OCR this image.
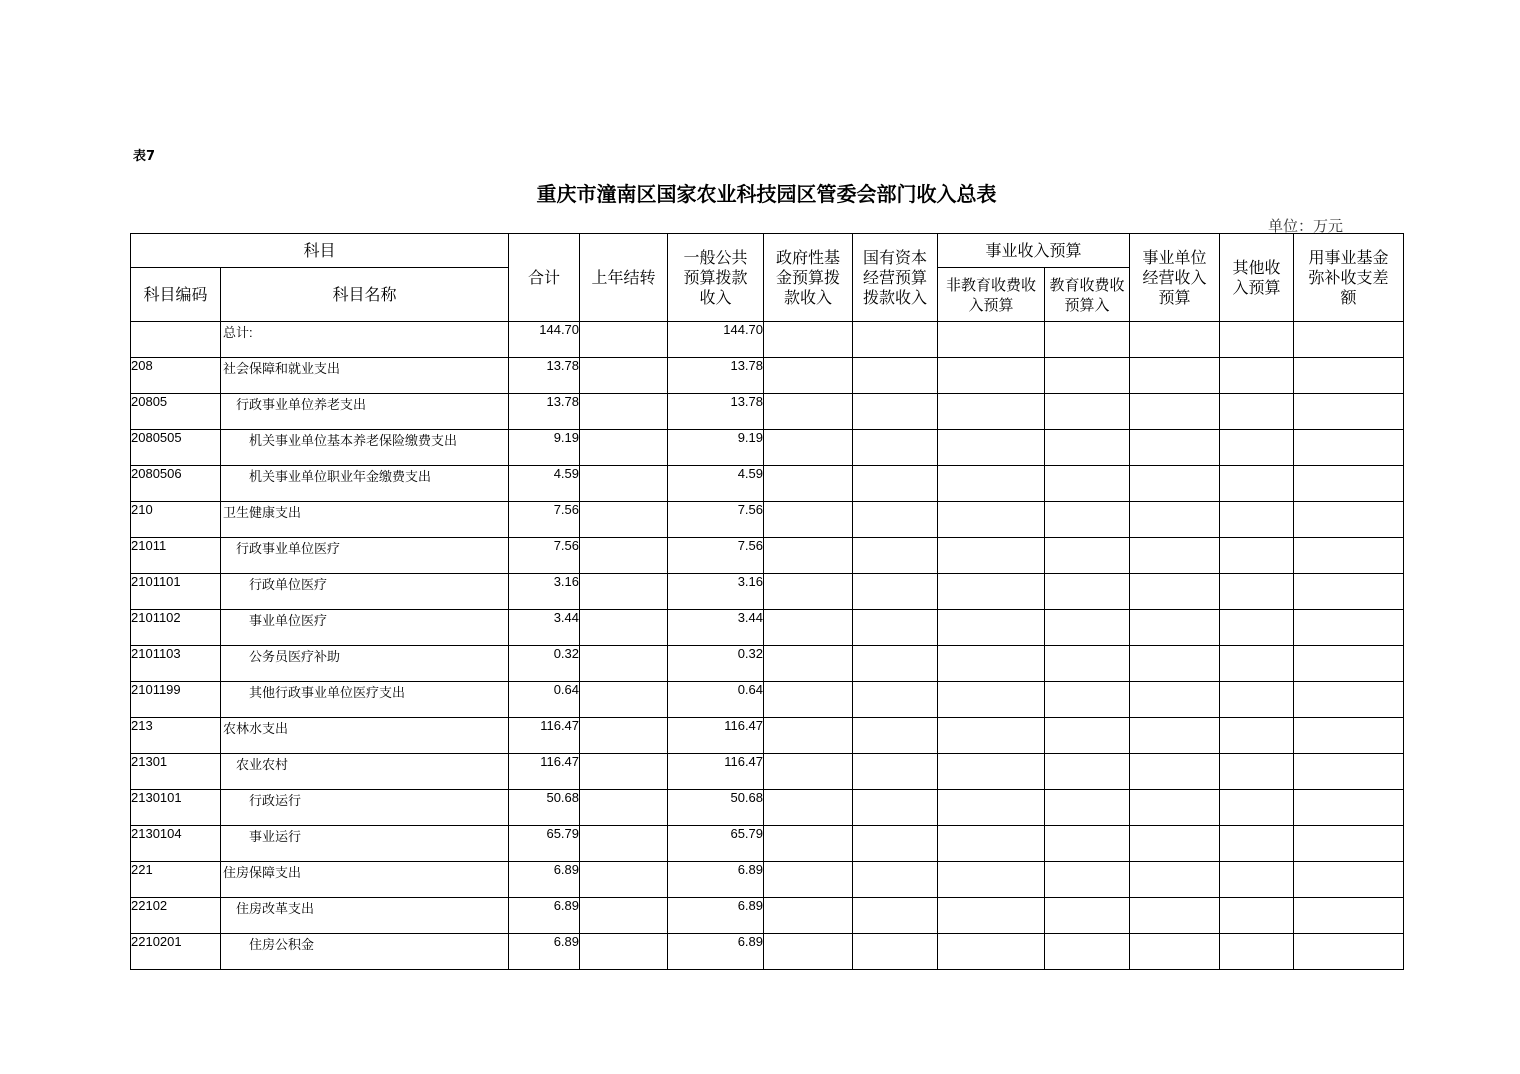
表7
重庆市潼南区国家农业科技园区管委会部门收入总表
单位：万元
科目		合计	上年结转	一般公共预算拨款收入	政府性基金预算拨款收入	国有资本经营预算拨款收入	事业收入预算		事业单位经营收入预算	其他收入预算	用事业基金弥补收支差额

科目编码	科目名称						非教育收费收入预算	教育收费收预算入			

	总计:	144.70		144.70							
208	社会保障和就业支出	13.78		13.78							
20805	行政事业单位养老支出	13.78		13.78							
2080505	机关事业单位基本养老保险缴费支出	9.19		9.19							
2080506	机关事业单位职业年金缴费支出	4.59		4.59							
210	卫生健康支出	7.56		7.56							
21011	行政事业单位医疗	7.56		7.56							
2101101	行政单位医疗	3.16		3.16							
2101102	事业单位医疗	3.44		3.44							
2101103	公务员医疗补助	0.32		0.32							
2101199	其他行政事业单位医疗支出	0.64		0.64							
213	农林水支出	116.47		116.47							
21301	农业农村	116.47		116.47							
2130101	行政运行	50.68		50.68							
2130104	事业运行	65.79		65.79							
221	住房保障支出	6.89		6.89							
22102	住房改革支出	6.89		6.89							
2210201	住房公积金	6.89		6.89							
